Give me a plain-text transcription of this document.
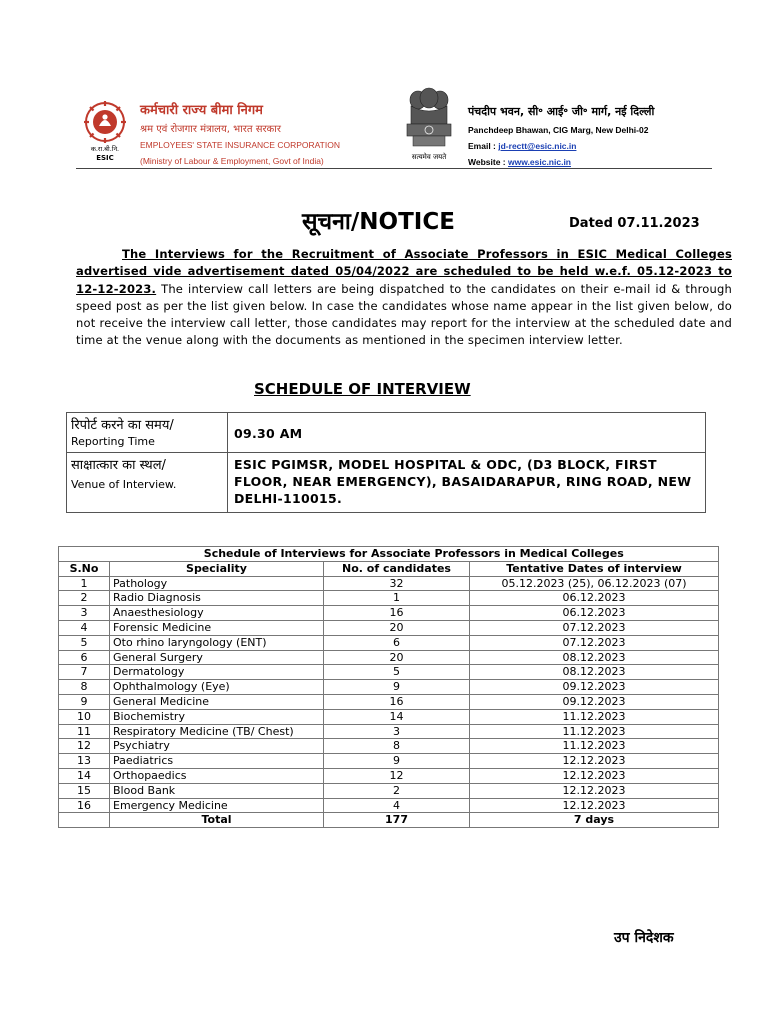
क.रा.बी.नि.
ESIC
कर्मचारी राज्य बीमा निगम
श्रम एवं रोजगार मंत्रालय, भारत सरकार
EMPLOYEES' STATE INSURANCE CORPORATION
(Ministry of Labour & Employment, Govt of India)	सत्यमेव जयते
पंचदीप भवन, सी॰ आई॰ जी॰ मार्ग, नई दिल्ली
Panchdeep Bhawan, CIG Marg, New Delhi-02
Email : jd-rectt@esic.nic.in
Website : www.esic.nic.in
सूचना/NOTICE	Dated 07.11.2023
The Interviews for the Recruitment of Associate Professors in ESIC Medical Colleges advertised vide advertisement dated 05/04/2022 are scheduled to be held w.e.f. 05.12-2023 to 12-12-2023. The interview call letters are being dispatched to the candidates on their e-mail id & through speed post as per the list given below. In case the candidates whose name appear in the list given below, do not receive the interview call letter, those candidates may report for the interview at the scheduled date and time at the venue along with the documents as mentioned in the specimen interview letter.
SCHEDULE OF INTERVIEW
रिपोर्ट करने का समय/
Reporting Time	09.30 AM

साक्षात्कार का स्थल/
Venue of Interview.	ESIC PGIMSR, MODEL HOSPITAL & ODC, (D3 BLOCK, FIRST FLOOR, NEAR EMERGENCY), BASAIDARAPUR, RING ROAD, NEW DELHI-110015.
	Schedule of Interviews for Associate Professors in Medical Colleges		
S.No	Speciality	No. of candidates	Tentative Dates of interview
1	Pathology	32	05.12.2023 (25), 06.12.2023 (07)
2	Radio Diagnosis	1	06.12.2023
3	Anaesthesiology	16	06.12.2023
4	Forensic Medicine	20	07.12.2023
5	Oto rhino laryngology (ENT)	6	07.12.2023
6	General Surgery	20	08.12.2023
7	Dermatology	5	08.12.2023
8	Ophthalmology (Eye)	9	09.12.2023
9	General Medicine	16	09.12.2023
10	Biochemistry	14	11.12.2023
11	Respiratory Medicine (TB/ Chest)	3	11.12.2023
12	Psychiatry	8	11.12.2023
13	Paediatrics	9	12.12.2023
14	Orthopaedics	12	12.12.2023
15	Blood Bank	2	12.12.2023
16	Emergency Medicine	4	12.12.2023
	Total	177	7 days
उप निदेशक
